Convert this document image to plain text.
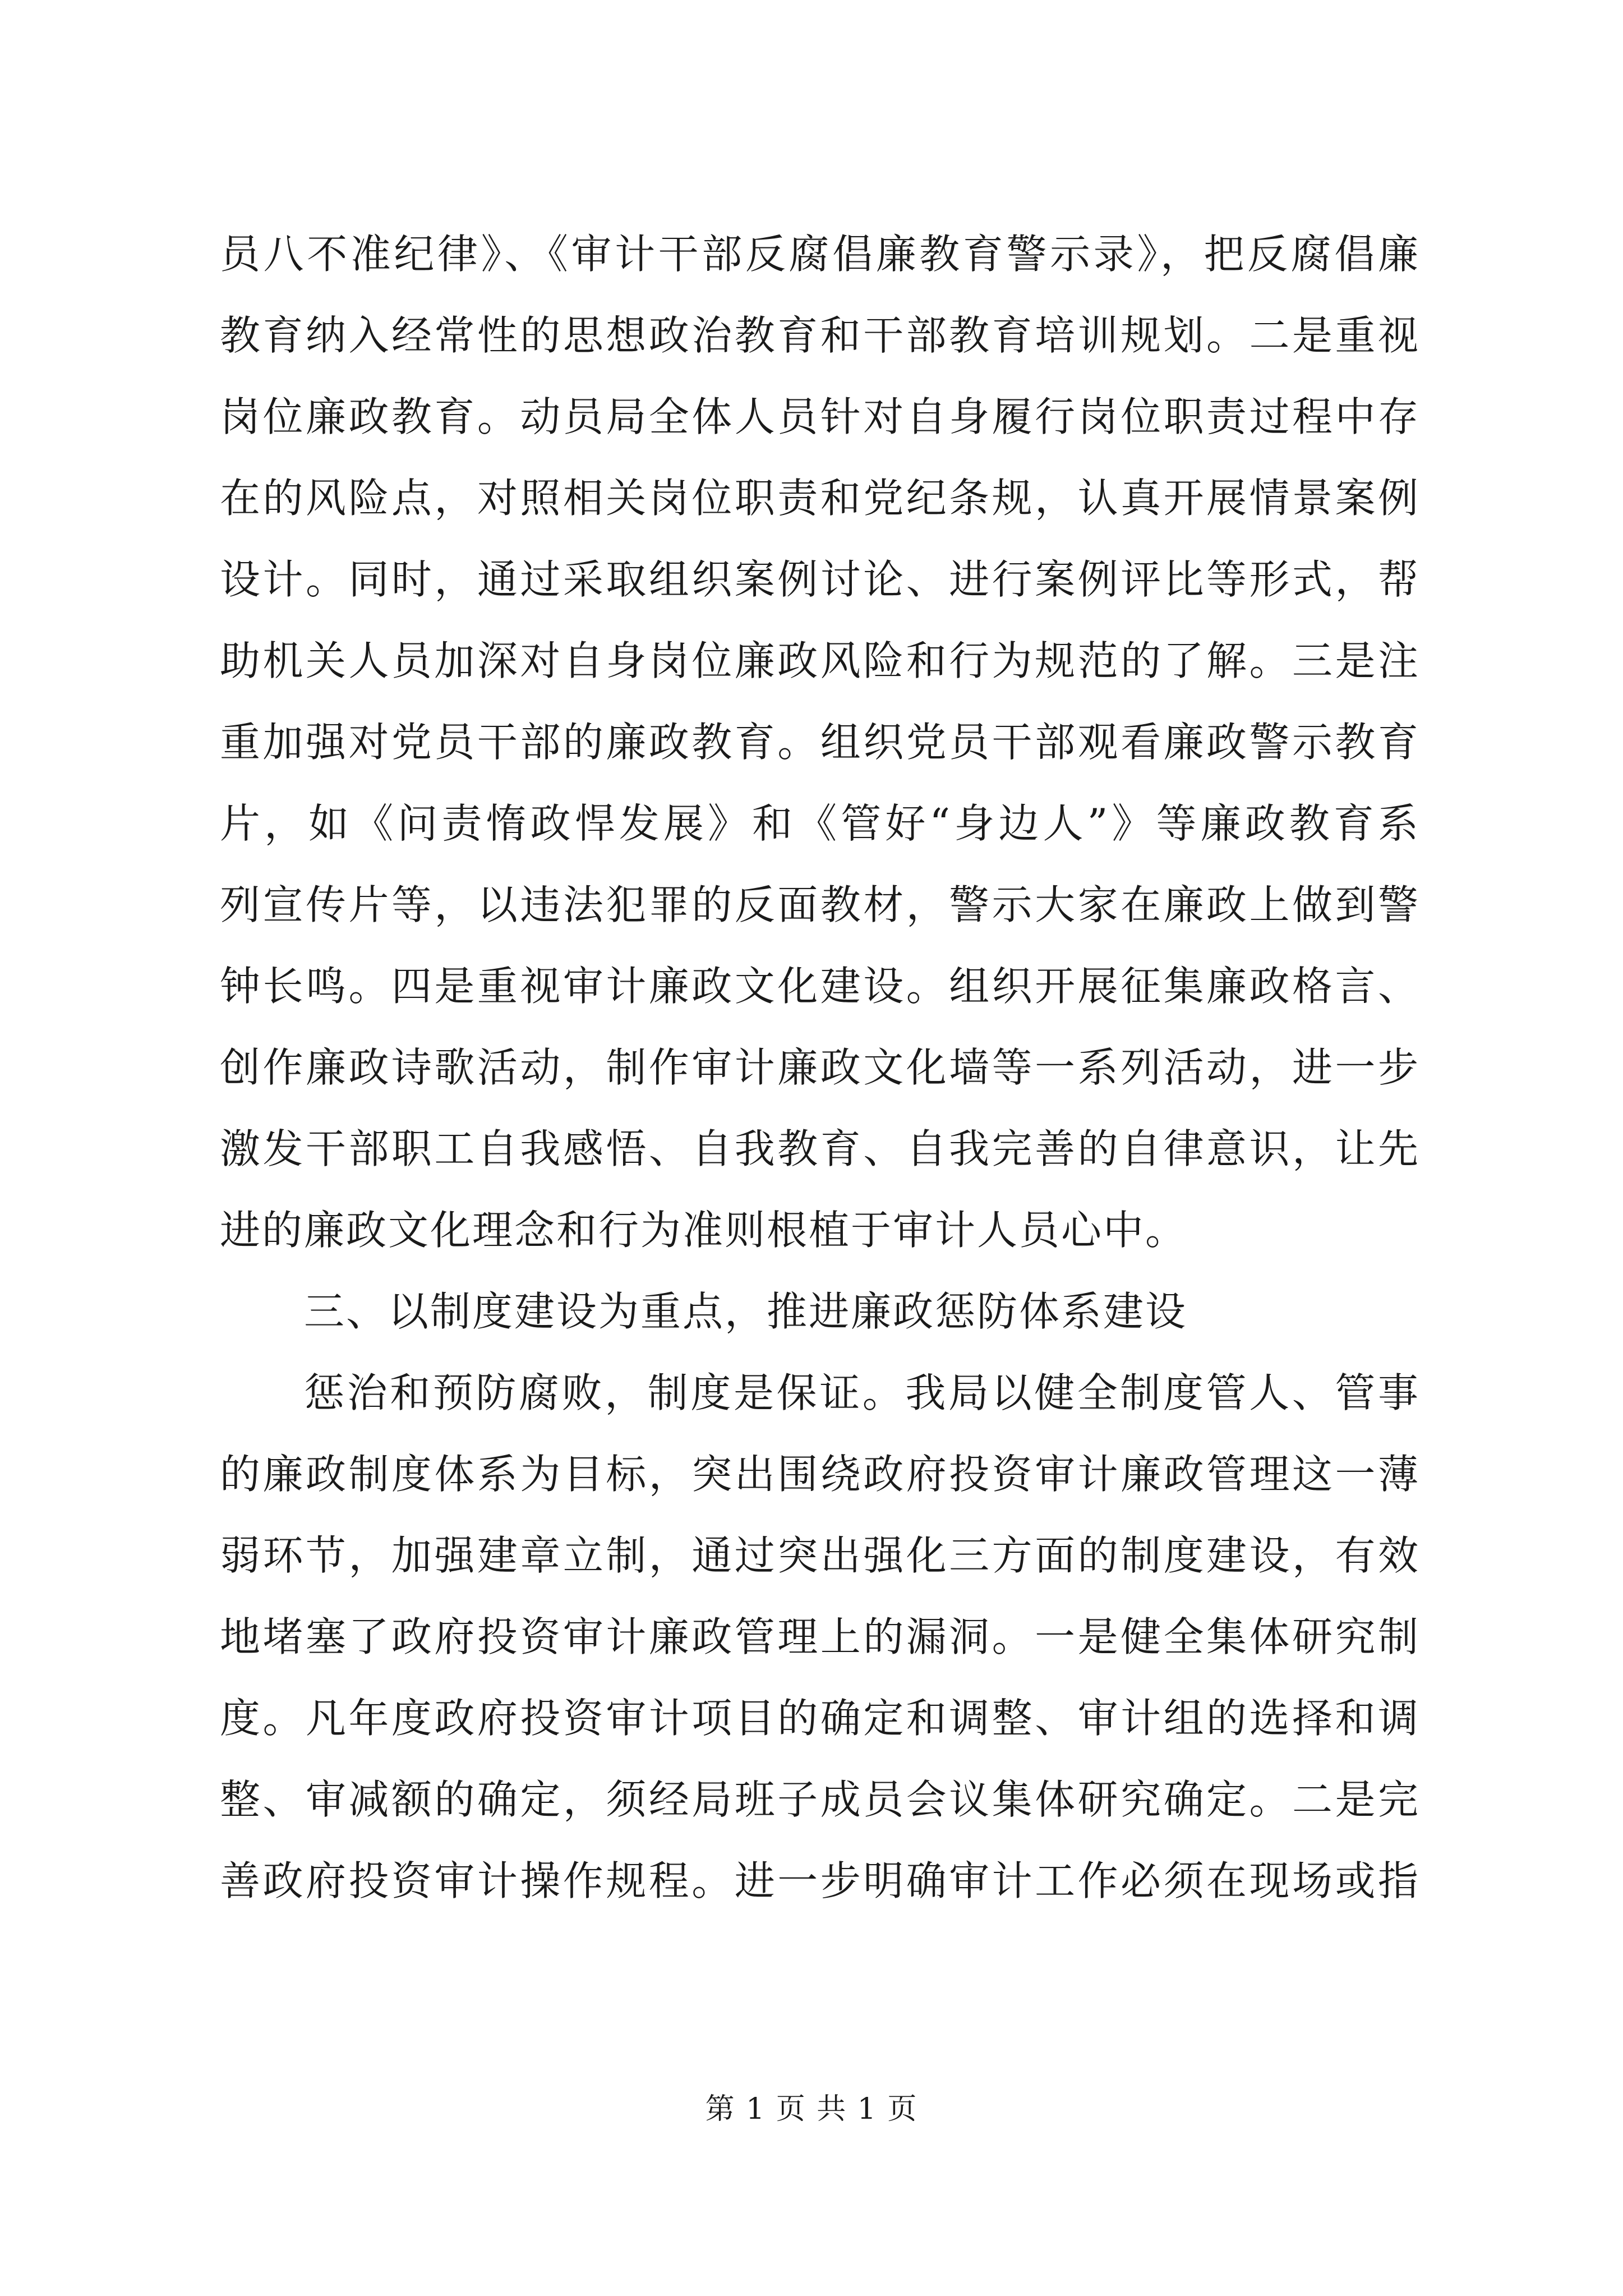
员八不准纪律》、《审计干部反腐倡廉教育警示录》，把反腐倡廉
教育纳入经常性的思想政治教育和干部教育培训规划。二是重视
岗位廉政教育。动员局全体人员针对自身履行岗位职责过程中存
在的风险点，对照相关岗位职责和党纪条规，认真开展情景案例
设计。同时，通过采取组织案例讨论、进行案例评比等形式，帮
助机关人员加深对自身岗位廉政风险和行为规范的了解。三是注
重加强对党员干部的廉政教育。组织党员干部观看廉政警示教育
片，如《问责惰政悍发展》和《管好“身边人”》等廉政教育系
列宣传片等，以违法犯罪的反面教材，警示大家在廉政上做到警
钟长鸣。四是重视审计廉政文化建设。组织开展征集廉政格言、
创作廉政诗歌活动，制作审计廉政文化墙等一系列活动，进一步
激发干部职工自我感悟、自我教育、自我完善的自律意识，让先
进的廉政文化理念和行为准则根植于审计人员心中。
三、以制度建设为重点，推进廉政惩防体系建设
惩治和预防腐败，制度是保证。我局以健全制度管人、管事
的廉政制度体系为目标，突出围绕政府投资审计廉政管理这一薄
弱环节，加强建章立制，通过突出强化三方面的制度建设，有效
地堵塞了政府投资审计廉政管理上的漏洞。一是健全集体研究制
度。凡年度政府投资审计项目的确定和调整、审计组的选择和调
整、审减额的确定，须经局班子成员会议集体研究确定。二是完
善政府投资审计操作规程。进一步明确审计工作必须在现场或指
第 1 页 共 1 页
